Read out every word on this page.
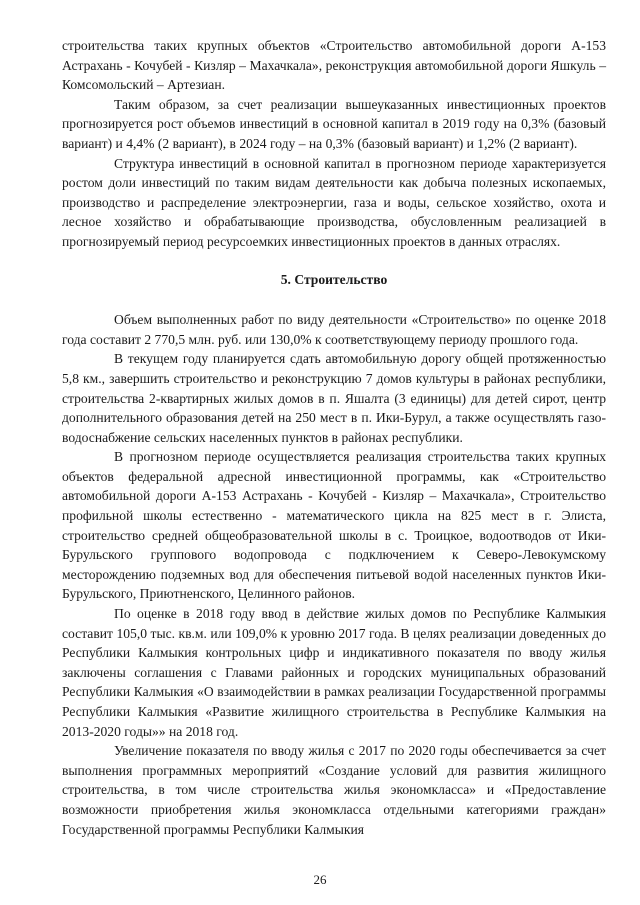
строительства таких крупных объектов «Строительство автомобильной дороги А-153 Астрахань - Кочубей - Кизляр – Махачкала», реконструкция автомобильной дороги Яшкуль – Комсомольский – Артезиан.

Таким образом, за счет реализации вышеуказанных инвестиционных проектов прогнозируется рост объемов инвестиций в основной капитал в 2019 году на 0,3% (базовый вариант) и 4,4% (2 вариант), в 2024 году – на 0,3% (базовый вариант) и 1,2% (2 вариант).

Структура инвестиций в основной капитал в прогнозном периоде характеризуется ростом доли инвестиций по таким видам деятельности как добыча полезных ископаемых, производство и распределение электроэнергии, газа и воды, сельское хозяйство, охота и лесное хозяйство и обрабатывающие производства, обусловленным реализацией в прогнозируемый период ресурсоемких инвестиционных проектов в данных отраслях.

5. Строительство

Объем выполненных работ по виду деятельности «Строительство» по оценке 2018 года составит 2 770,5 млн. руб. или 130,0% к соответствующему периоду прошлого года.

В текущем году планируется сдать автомобильную дорогу общей протяженностью 5,8 км., завершить строительство и реконструкцию 7 домов культуры в районах республики, строительства 2-квартирных жилых домов в п. Яшалта (3 единицы) для детей сирот, центр дополнительного образования детей на 250 мест в п. Ики-Бурул, а также осуществлять газо-водоснабжение сельских населенных пунктов в районах республики.

В прогнозном периоде осуществляется реализация строительства таких крупных объектов федеральной адресной инвестиционной программы, как «Строительство автомобильной дороги А-153 Астрахань - Кочубей - Кизляр – Махачкала», Строительство профильной школы естественно - математического цикла на 825 мест в г. Элиста, строительство средней общеобразовательной школы в с. Троицкое, водоотводов от Ики-Бурульского группового водопровода с подключением к Северо-Левокумскому месторождению подземных вод для обеспечения питьевой водой населенных пунктов Ики-Бурульского, Приютненского, Целинного районов.

По оценке в 2018 году ввод в действие жилых домов по Республике Калмыкия составит 105,0 тыс. кв.м. или 109,0% к уровню 2017 года. В целях реализации доведенных до Республики Калмыкия контрольных цифр и индикативного показателя по вводу жилья заключены соглашения с Главами районных и городских муниципальных образований Республики Калмыкия «О взаимодействии в рамках реализации Государственной программы Республики Калмыкия «Развитие жилищного строительства в Республике Калмыкия на 2013-2020 годы»» на 2018 год.

Увеличение показателя по вводу жилья с 2017 по 2020 годы обеспечивается за счет выполнения программных мероприятий «Создание условий для развития жилищного строительства, в том числе строительства жилья экономкласса» и «Предоставление возможности приобретения жилья экономкласса отдельными категориями граждан» Государственной программы Республики Калмыкия

26
